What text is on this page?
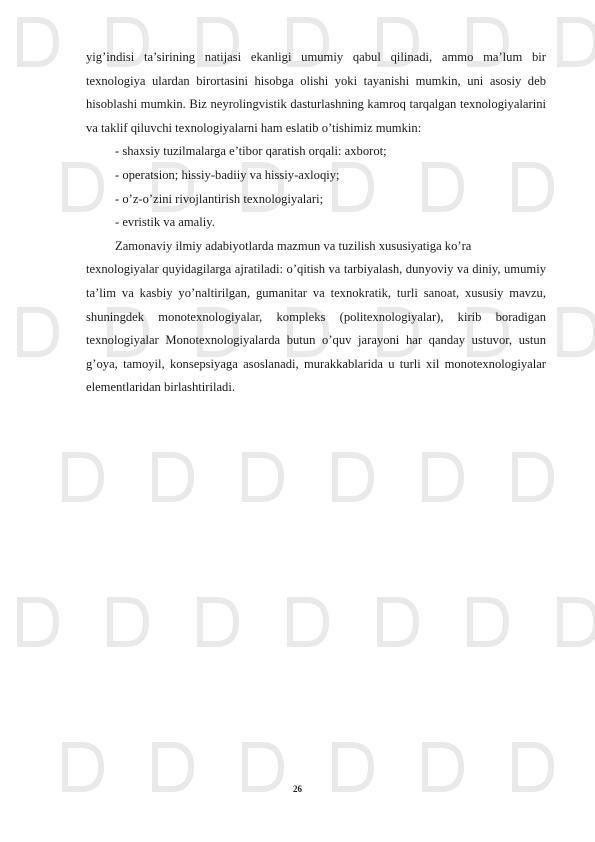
yig’indisi ta’sirining natijasi ekanligi umumiy qabul qilinadi, ammo ma’lum bir texnologiya ulardan birortasini hisobga olishi yoki tayanishi mumkin, uni asosiy deb hisoblashi mumkin. Biz neyrolingvistik dasturlashning kamroq tarqalgan texnologiyalarini va taklif qiluvchi texnologiyalarni ham eslatib o’tishimiz mumkin:

- shaxsiy tuzilmalarga e’tibor qaratish orqali: axborot;

- operatsion; hissiy-badiiy va hissiy-axloqiy;

- o’z-o’zini rivojlantirish texnologiyalari;

- evristik va amaliy.

Zamonaviy ilmiy adabiyotlarda mazmun va tuzilish xususiyatiga ko’ra

texnologiyalar quyidagilarga ajratiladi: o’qitish va tarbiyalash, dunyoviy va diniy, umumiy ta’lim va kasbiy yo’naltirilgan, gumanitar va texnokratik, turli sanoat, xususiy mavzu, shuningdek monotexnologiyalar, kompleks (politexnologiyalar), kirib boradigan texnologiyalar Monotexnologiyalarda butun o’quv jarayoni har qanday ustuvor, ustun g’oya, tamoyil, konsepsiyaga asoslanadi, murakkablarida u turli xil monotexnologiyalar elementlaridan birlashtiriladi.

26
